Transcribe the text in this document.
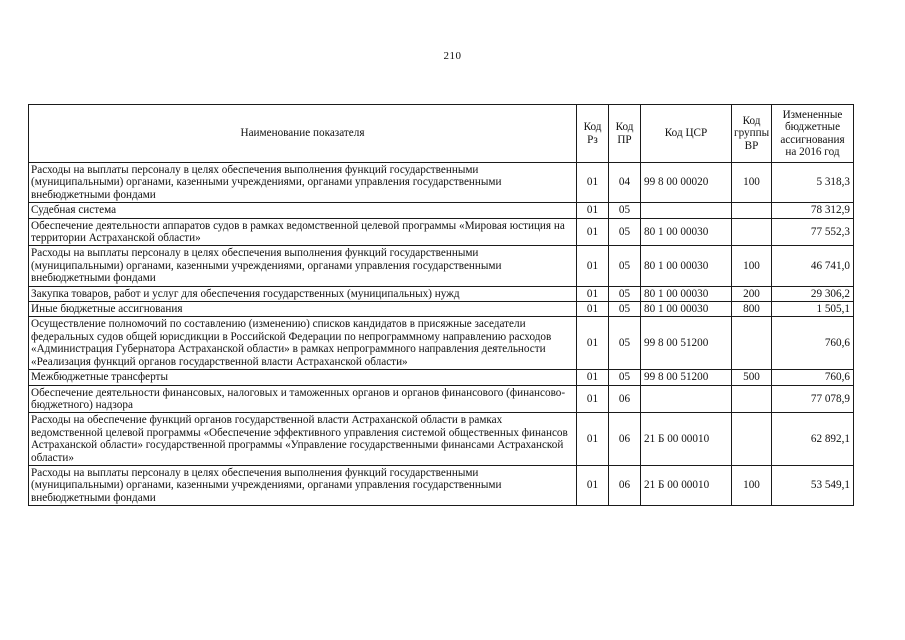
210
Наименование показателя	Код Рз	Код ПР	Код ЦСР	Код группы ВР	Измененные бюджетные ассигнования на 2016 год
Расходы на выплаты персоналу в целях обеспечения выполнения функций государственными (муниципальными) органами, казенными учреждениями, органами управления государственными внебюджетными фондами	01	04	99 8 00 00020	100	5 318,3
Судебная система	01	05			78 312,9
Обеспечение деятельности аппаратов судов в рамках ведомственной целевой программы «Мировая юстиция на территории Астраханской области»	01	05	80 1 00 00030		77 552,3
Расходы на выплаты персоналу в целях обеспечения выполнения функций государственными (муниципальными) органами, казенными учреждениями, органами управления государственными внебюджетными фондами	01	05	80 1 00 00030	100	46 741,0
Закупка товаров, работ и услуг для обеспечения государственных (муниципальных) нужд	01	05	80 1 00 00030	200	29 306,2
Иные бюджетные ассигнования	01	05	80 1 00 00030	800	1 505,1
Осуществление полномочий по составлению (изменению) списков кандидатов в присяжные заседатели федеральных судов общей юрисдикции в Российской Федерации по непрограммному направлению расходов «Администрация Губернатора Астраханской области» в рамках непрограммного направления деятельности «Реализация функций органов государственной власти Астраханской области»	01	05	99 8 00 51200		760,6
Межбюджетные трансферты	01	05	99 8 00 51200	500	760,6
Обеспечение деятельности финансовых, налоговых и таможенных органов и органов финансового (финансово-бюджетного) надзора	01	06			77 078,9
Расходы на обеспечение функций органов государственной власти Астраханской области в рамках ведомственной целевой программы «Обеспечение эффективного управления системой общественных финансов Астраханской области» государственной программы «Управление государственными финансами Астраханской области»	01	06	21 Б 00 00010		62 892,1
Расходы на выплаты персоналу в целях обеспечения выполнения функций государственными (муниципальными) органами, казенными учреждениями, органами управления государственными внебюджетными фондами	01	06	21 Б 00 00010	100	53 549,1
